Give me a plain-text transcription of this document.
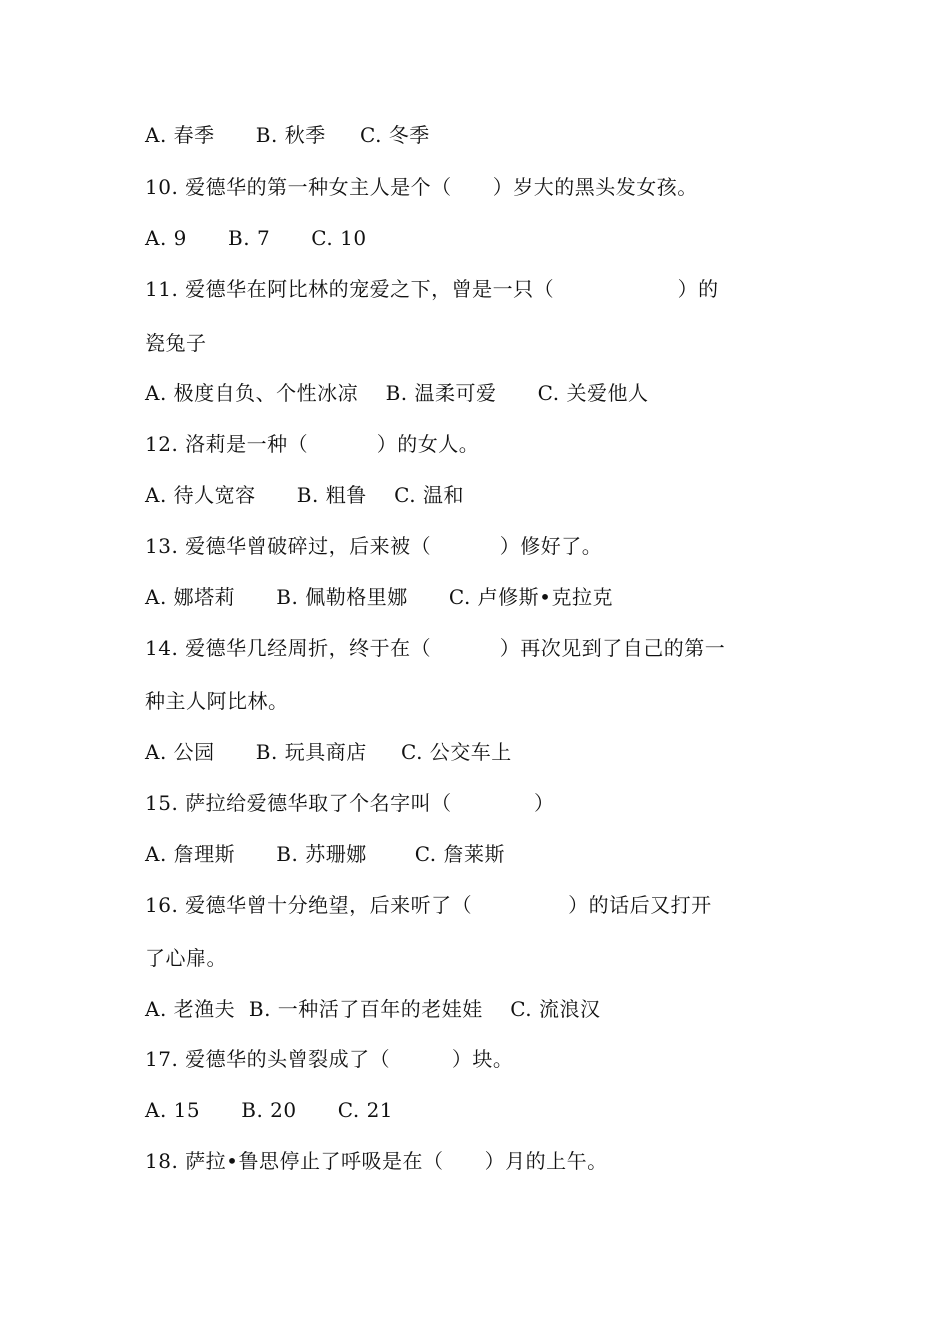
A. 春季      B. 秋季     C. 冬季
10. 爱德华的第一种女主人是个（      ）岁大的黑头发女孩。
A. 9      B. 7      C. 10
11. 爱德华在阿比林的宠爱之下，曾是一只（                  ）的
瓷兔子
A. 极度自负、个性冰凉    B. 温柔可爱      C. 关爱他人
12. 洛莉是一种（          ）的女人。
A. 待人宽容      B. 粗鲁    C. 温和
13. 爱德华曾破碎过，后来被（          ）修好了。
A. 娜塔莉      B. 佩勒格里娜      C. 卢修斯•克拉克
14. 爱德华几经周折，终于在（          ）再次见到了自己的第一
种主人阿比林。
A. 公园      B. 玩具商店     C. 公交车上
15. 萨拉给爱德华取了个名字叫（            ）
A. 詹理斯      B. 苏珊娜       C. 詹莱斯
16. 爱德华曾十分绝望，后来听了（              ）的话后又打开
了心扉。
A. 老渔夫  B. 一种活了百年的老娃娃    C. 流浪汉
17. 爱德华的头曾裂成了（         ）块。
A. 15      B. 20      C. 21
18. 萨拉•鲁思停止了呼吸是在（      ）月的上午。
